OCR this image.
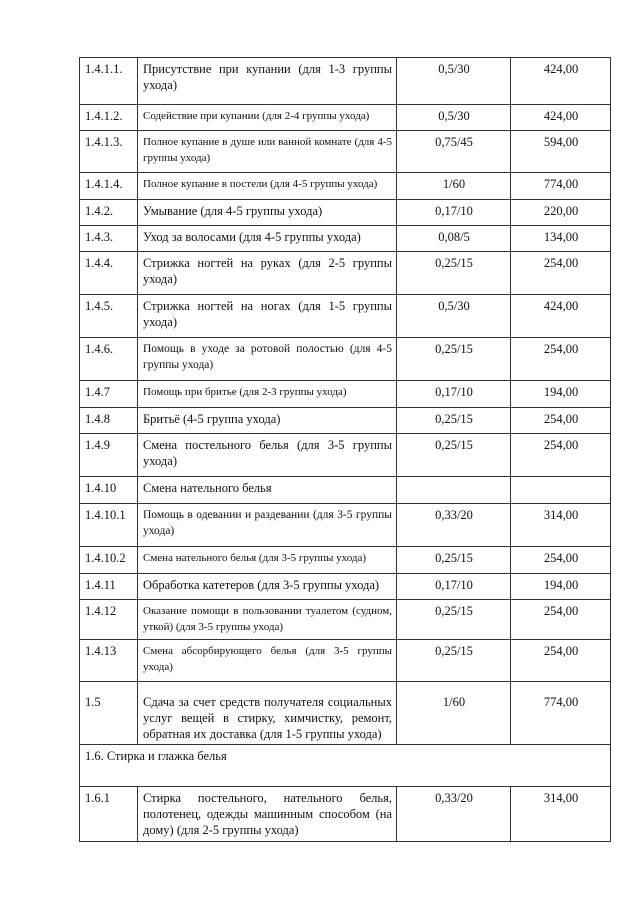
1.4.1.1.	Присутствие при купании (для 1-3 группы ухода)	0,5/30	424,00
1.4.1.2.	Содействие при купании (для 2-4 группы ухода)	0,5/30	424,00
1.4.1.3.	Полное купание в душе или ванной комнате (для 4-5 группы ухода)	0,75/45	594,00
1.4.1.4.	Полное купание в постели (для 4-5 группы ухода)	1/60	774,00
1.4.2.	Умывание (для 4-5 группы ухода)	0,17/10	220,00
1.4.3.	Уход за волосами (для 4-5 группы ухода)	0,08/5	134,00
1.4.4.	Стрижка ногтей на руках (для 2-5 группы ухода)	0,25/15	254,00
1.4.5.	Стрижка ногтей на ногах (для 1-5 группы ухода)	0,5/30	424,00
1.4.6.	Помощь в уходе за ротовой полостью (для 4-5 группы ухода)	0,25/15	254,00
1.4.7	Помощь при бритье (для 2-3 группы ухода)	0,17/10	194,00
1.4.8	Бритьё (4-5 группа ухода)	0,25/15	254,00
1.4.9	Смена постельного белья (для 3-5 группы ухода)	0,25/15	254,00
1.4.10	Смена нательного белья		
1.4.10.1	Помощь в одевании и раздевании (для 3-5 группы ухода)	0,33/20	314,00
1.4.10.2	Смена нательного белья (для 3-5 группы ухода)	0,25/15	254,00
1.4.11	Обработка катетеров (для 3-5 группы ухода)	0,17/10	194,00
1.4.12	Оказание помощи в пользовании туалетом (судном, уткой) (для 3-5 группы ухода)	0,25/15	254,00
1.4.13	Смена абсорбирующего белья (для 3-5 группы ухода)	0,25/15	254,00
1.5	Сдача за счет средств получателя социальных услуг вещей в стирку, химчистку, ремонт, обратная их доставка (для 1-5 группы ухода)	1/60	774,00
1.6. Стирка и глажка белья			
1.6.1	Стирка постельного, нательного белья, полотенец, одежды машинным способом (на дому) (для 2-5 группы ухода)	0,33/20	314,00
